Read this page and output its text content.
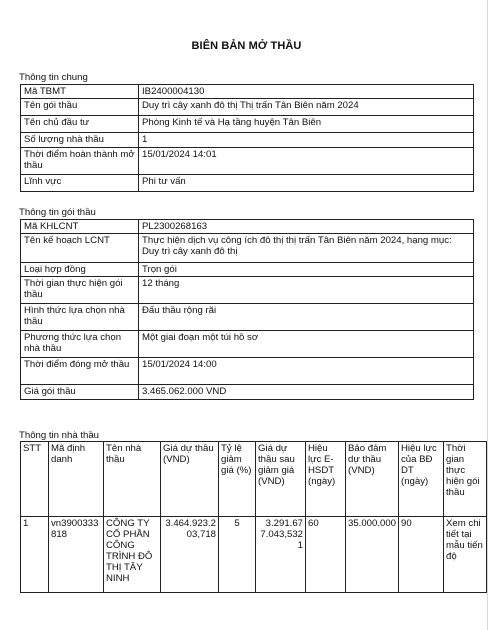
BIÊN BẢN MỞ THẦU
Thông tin chung
Mã TBMT	IB2400004130
Tên gói thầu	Duy trì cây xanh đô thị Thị trấn Tân Biên năm 2024
Tên chủ đầu tư	Phòng Kinh tế và Hạ tầng huyện Tân Biên
Số lượng nhà thầu	1
Thời điểm hoàn thành mở thầu	15/01/2024 14:01
Lĩnh vực	Phi tư vấn
Thông tin gói thầu
Mã KHLCNT	PL2300268163
Tên kế hoạch LCNT	Thực hiện dịch vụ công ích đô thị thị trấn Tân Biên năm 2024, hạng mục: Duy trì cây xanh đô thị
Loại hợp đồng	Trọn gói
Thời gian thực hiện gói thầu	12 tháng
Hình thức lựa chọn nhà thầu	Đấu thầu rộng rãi
Phương thức lựa chọn nhà thầu	Một giai đoạn một túi hồ sơ
Thời điểm đóng mở thầu	15/01/2024 14:00
Giá gói thầu	3.465.062.000 VND
Thông tin nhà thầu
STT	Mã định danh	Tên nhà thầu	Giá dự thầu (VND)	Tỷ lệ giảm giá (%)	Giá dự thầu sau giảm giá (VND)	Hiệu lực E-HSDT (ngày)	Bảo đảm dự thầu (VND)	Hiệu lực của BĐ DT (ngày)	Thời gian thực hiện gói thầu
1	vn3900333818	CÔNG TY CỔ PHẦN CÔNG TRÌNH ĐÔ THỊ TÂY NINH	3.464.923.203,718	5	3.291.677.043,5321	60	35.000.000	90	Xem chi tiết tại mẫu tiến độ
